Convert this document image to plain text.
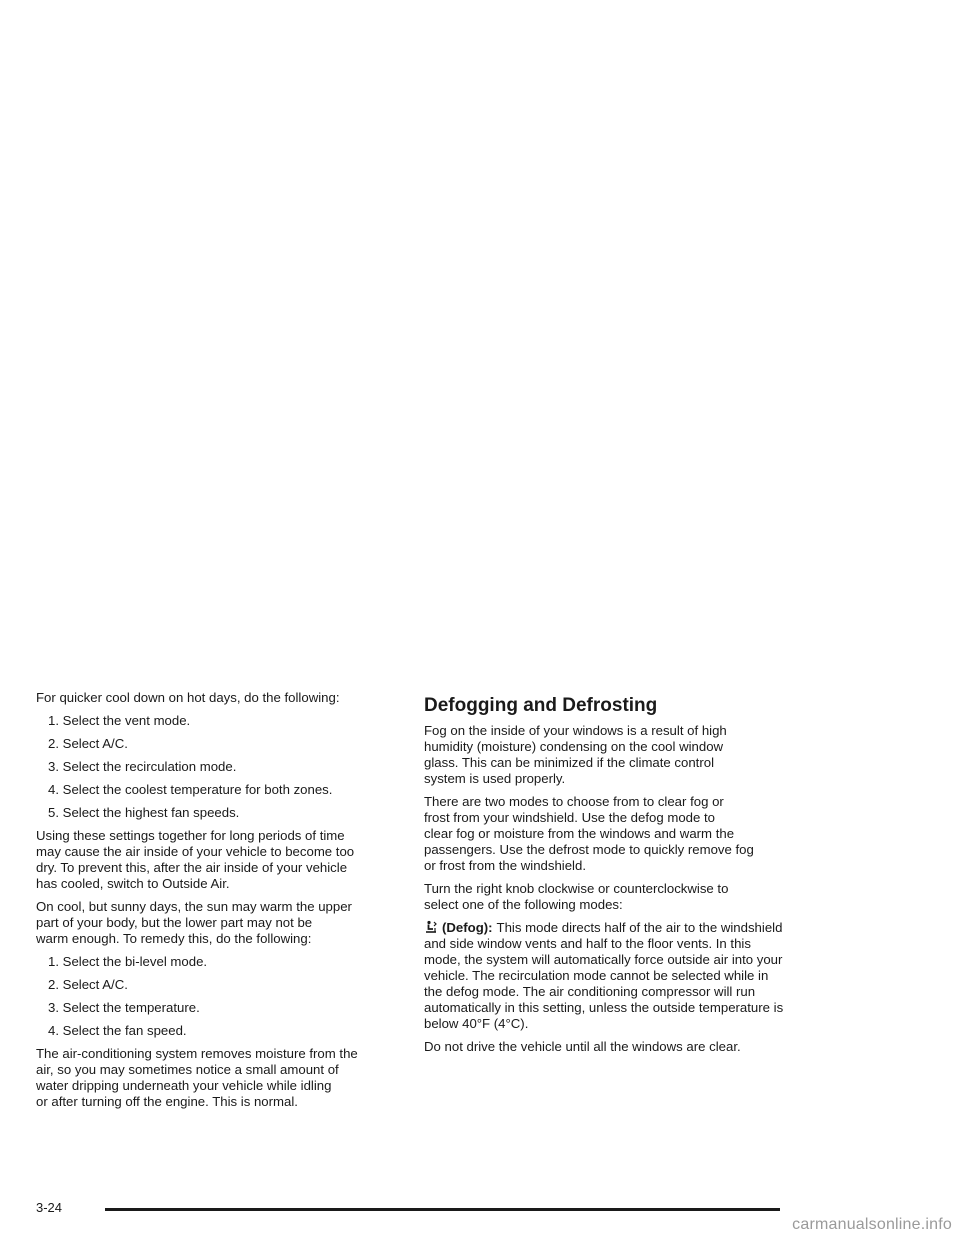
For quicker cool down on hot days, do the following:

1. Select the vent mode.
2. Select A/C.
3. Select the recirculation mode.
4. Select the coolest temperature for both zones.
5. Select the highest fan speeds.

Using these settings together for long periods of time
may cause the air inside of your vehicle to become too
dry. To prevent this, after the air inside of your vehicle
has cooled, switch to Outside Air.

On cool, but sunny days, the sun may warm the upper
part of your body, but the lower part may not be
warm enough. To remedy this, do the following:

1. Select the bi-level mode.
2. Select A/C.
3. Select the temperature.
4. Select the fan speed.

The air-conditioning system removes moisture from the
air, so you may sometimes notice a small amount of
water dripping underneath your vehicle while idling
or after turning off the engine. This is normal.

Defogging and Defrosting

Fog on the inside of your windows is a result of high
humidity (moisture) condensing on the cool window
glass. This can be minimized if the climate control
system is used properly.

There are two modes to choose from to clear fog or
frost from your windshield. Use the defog mode to
clear fog or moisture from the windows and warm the
passengers. Use the defrost mode to quickly remove fog
or frost from the windshield.

Turn the right knob clockwise or counterclockwise to
select one of the following modes:

(Defog): This mode directs half of the air to the windshield and side window vents and half to the floor vents. In this mode, the system will automatically force outside air into your vehicle. The recirculation mode cannot be selected while in the defog mode. The air conditioning compressor will run automatically in this setting, unless the outside temperature is below 40°F (4°C).

Do not drive the vehicle until all the windows are clear.

3-24
carmanualsonline.info
